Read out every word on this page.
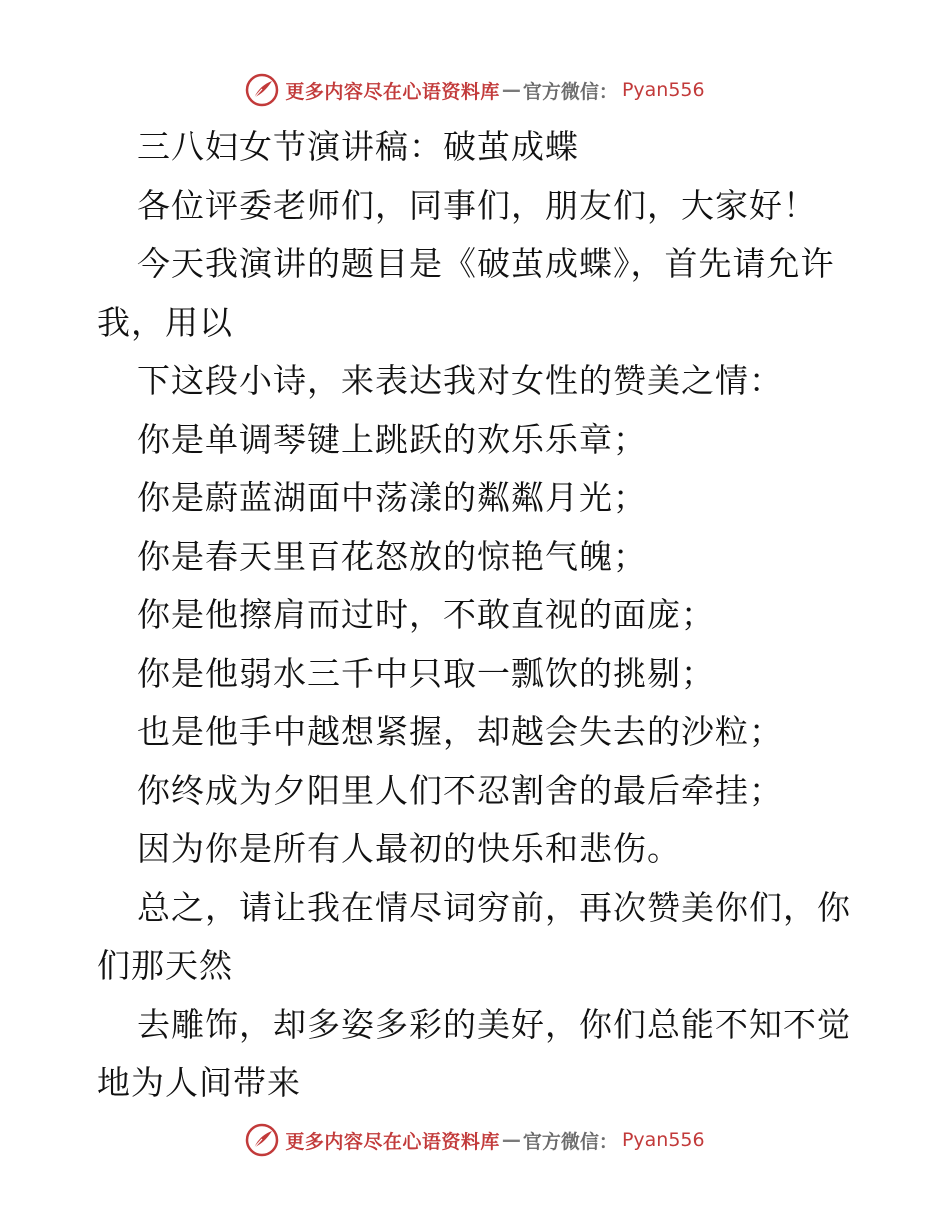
更多内容尽在心语资料库 — 官方微信 ： Pyan556

三八妇女节演讲稿：破茧成蝶

各位评委老师们，同事们，朋友们，大家好！

今天我演讲的题目是《破茧成蝶》，首先请允许我，用以

下这段小诗，来表达我对女性的赞美之情：

你是单调琴键上跳跃的欢乐乐章；

你是蔚蓝湖面中荡漾的粼粼月光；

你是春天里百花怒放的惊艳气魄；

你是他擦肩而过时，不敢直视的面庞；

你是他弱水三千中只取一瓢饮的挑剔；

也是他手中越想紧握，却越会失去的沙粒；

你终成为夕阳里人们不忍割舍的最后牵挂；

因为你是所有人最初的快乐和悲伤。

总之，请让我在情尽词穷前，再次赞美你们，你们那天然

去雕饰，却多姿多彩的美好，你们总能不知不觉地为人间带来

更多内容尽在心语资料库 — 官方微信 ： Pyan556
